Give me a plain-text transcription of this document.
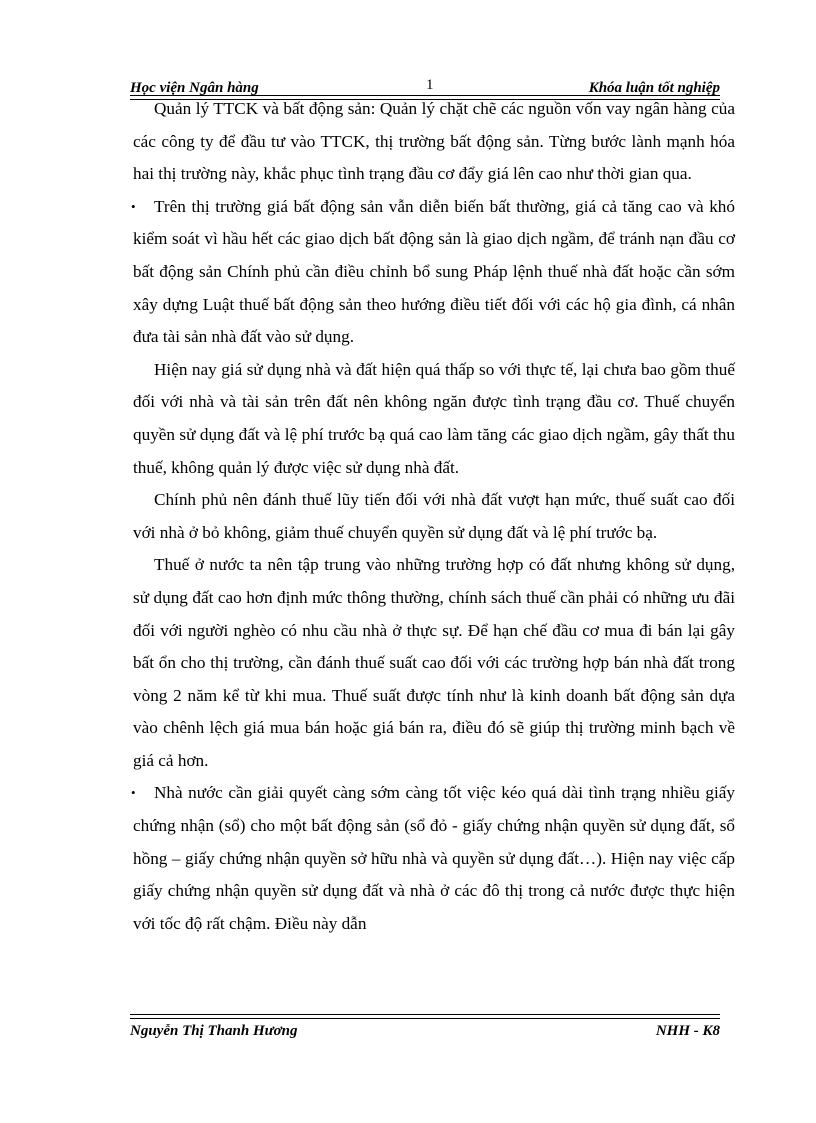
Học viện Ngân hàng	1	Khóa luận tốt nghiệp

Quản lý TTCK và bất động sản: Quản lý chặt chẽ các nguồn vốn vay ngân hàng của các công ty để đầu tư vào TTCK, thị trường bất động sản. Từng bước lành mạnh hóa hai thị trường này, khắc phục tình trạng đầu cơ đẩy giá lên cao như thời gian qua.

• Trên thị trường giá bất động sản vẫn diễn biến bất thường, giá cả tăng cao và khó kiểm soát vì hầu hết các giao dịch bất động sản là giao dịch ngầm, để tránh nạn đầu cơ bất động sản Chính phủ cần điều chỉnh bổ sung Pháp lệnh thuế nhà đất hoặc cần sớm xây dựng Luật thuế bất động sản theo hướng điều tiết đối với các hộ gia đình, cá nhân đưa tài sản nhà đất vào sử dụng.

Hiện nay giá sử dụng nhà và đất hiện quá thấp so với thực tế, lại chưa bao gồm thuế đối với nhà và tài sản trên đất nên không ngăn được tình trạng đầu cơ. Thuế chuyển quyền sử dụng đất và lệ phí trước bạ quá cao làm tăng các giao dịch ngầm, gây thất thu thuế, không quản lý được việc sử dụng nhà đất.

Chính phủ nên đánh thuế lũy tiến đối với nhà đất vượt hạn mức, thuế suất cao đối với nhà ở bỏ không, giảm thuế chuyển quyền sử dụng đất và lệ phí trước bạ.

Thuế ở nước ta nên tập trung vào những trường hợp có đất nhưng không sử dụng, sử dụng đất cao hơn định mức thông thường, chính sách thuế cần phải có những ưu đãi đối với người nghèo có nhu cầu nhà ở thực sự. Để hạn chế đầu cơ mua đi bán lại gây bất ổn cho thị trường, cần đánh thuế suất cao đối với các trường hợp bán nhà đất trong vòng 2 năm kể từ khi mua. Thuế suất được tính như là kinh doanh bất động sản dựa vào chênh lệch giá mua bán hoặc giá bán ra, điều đó sẽ giúp thị trường minh bạch về giá cả hơn.

• Nhà nước cần giải quyết càng sớm càng tốt việc kéo quá dài tình trạng nhiều giấy chứng nhận (sổ) cho một bất động sản (sổ đỏ - giấy chứng nhận quyền sử dụng đất, sổ hồng – giấy chứng nhận quyền sở hữu nhà và quyền sử dụng đất…). Hiện nay việc cấp giấy chứng nhận quyền sử dụng đất và nhà ở các đô thị trong cả nước được thực hiện với tốc độ rất chậm. Điều này dẫn

Nguyễn Thị Thanh Hương	NHH - K8
